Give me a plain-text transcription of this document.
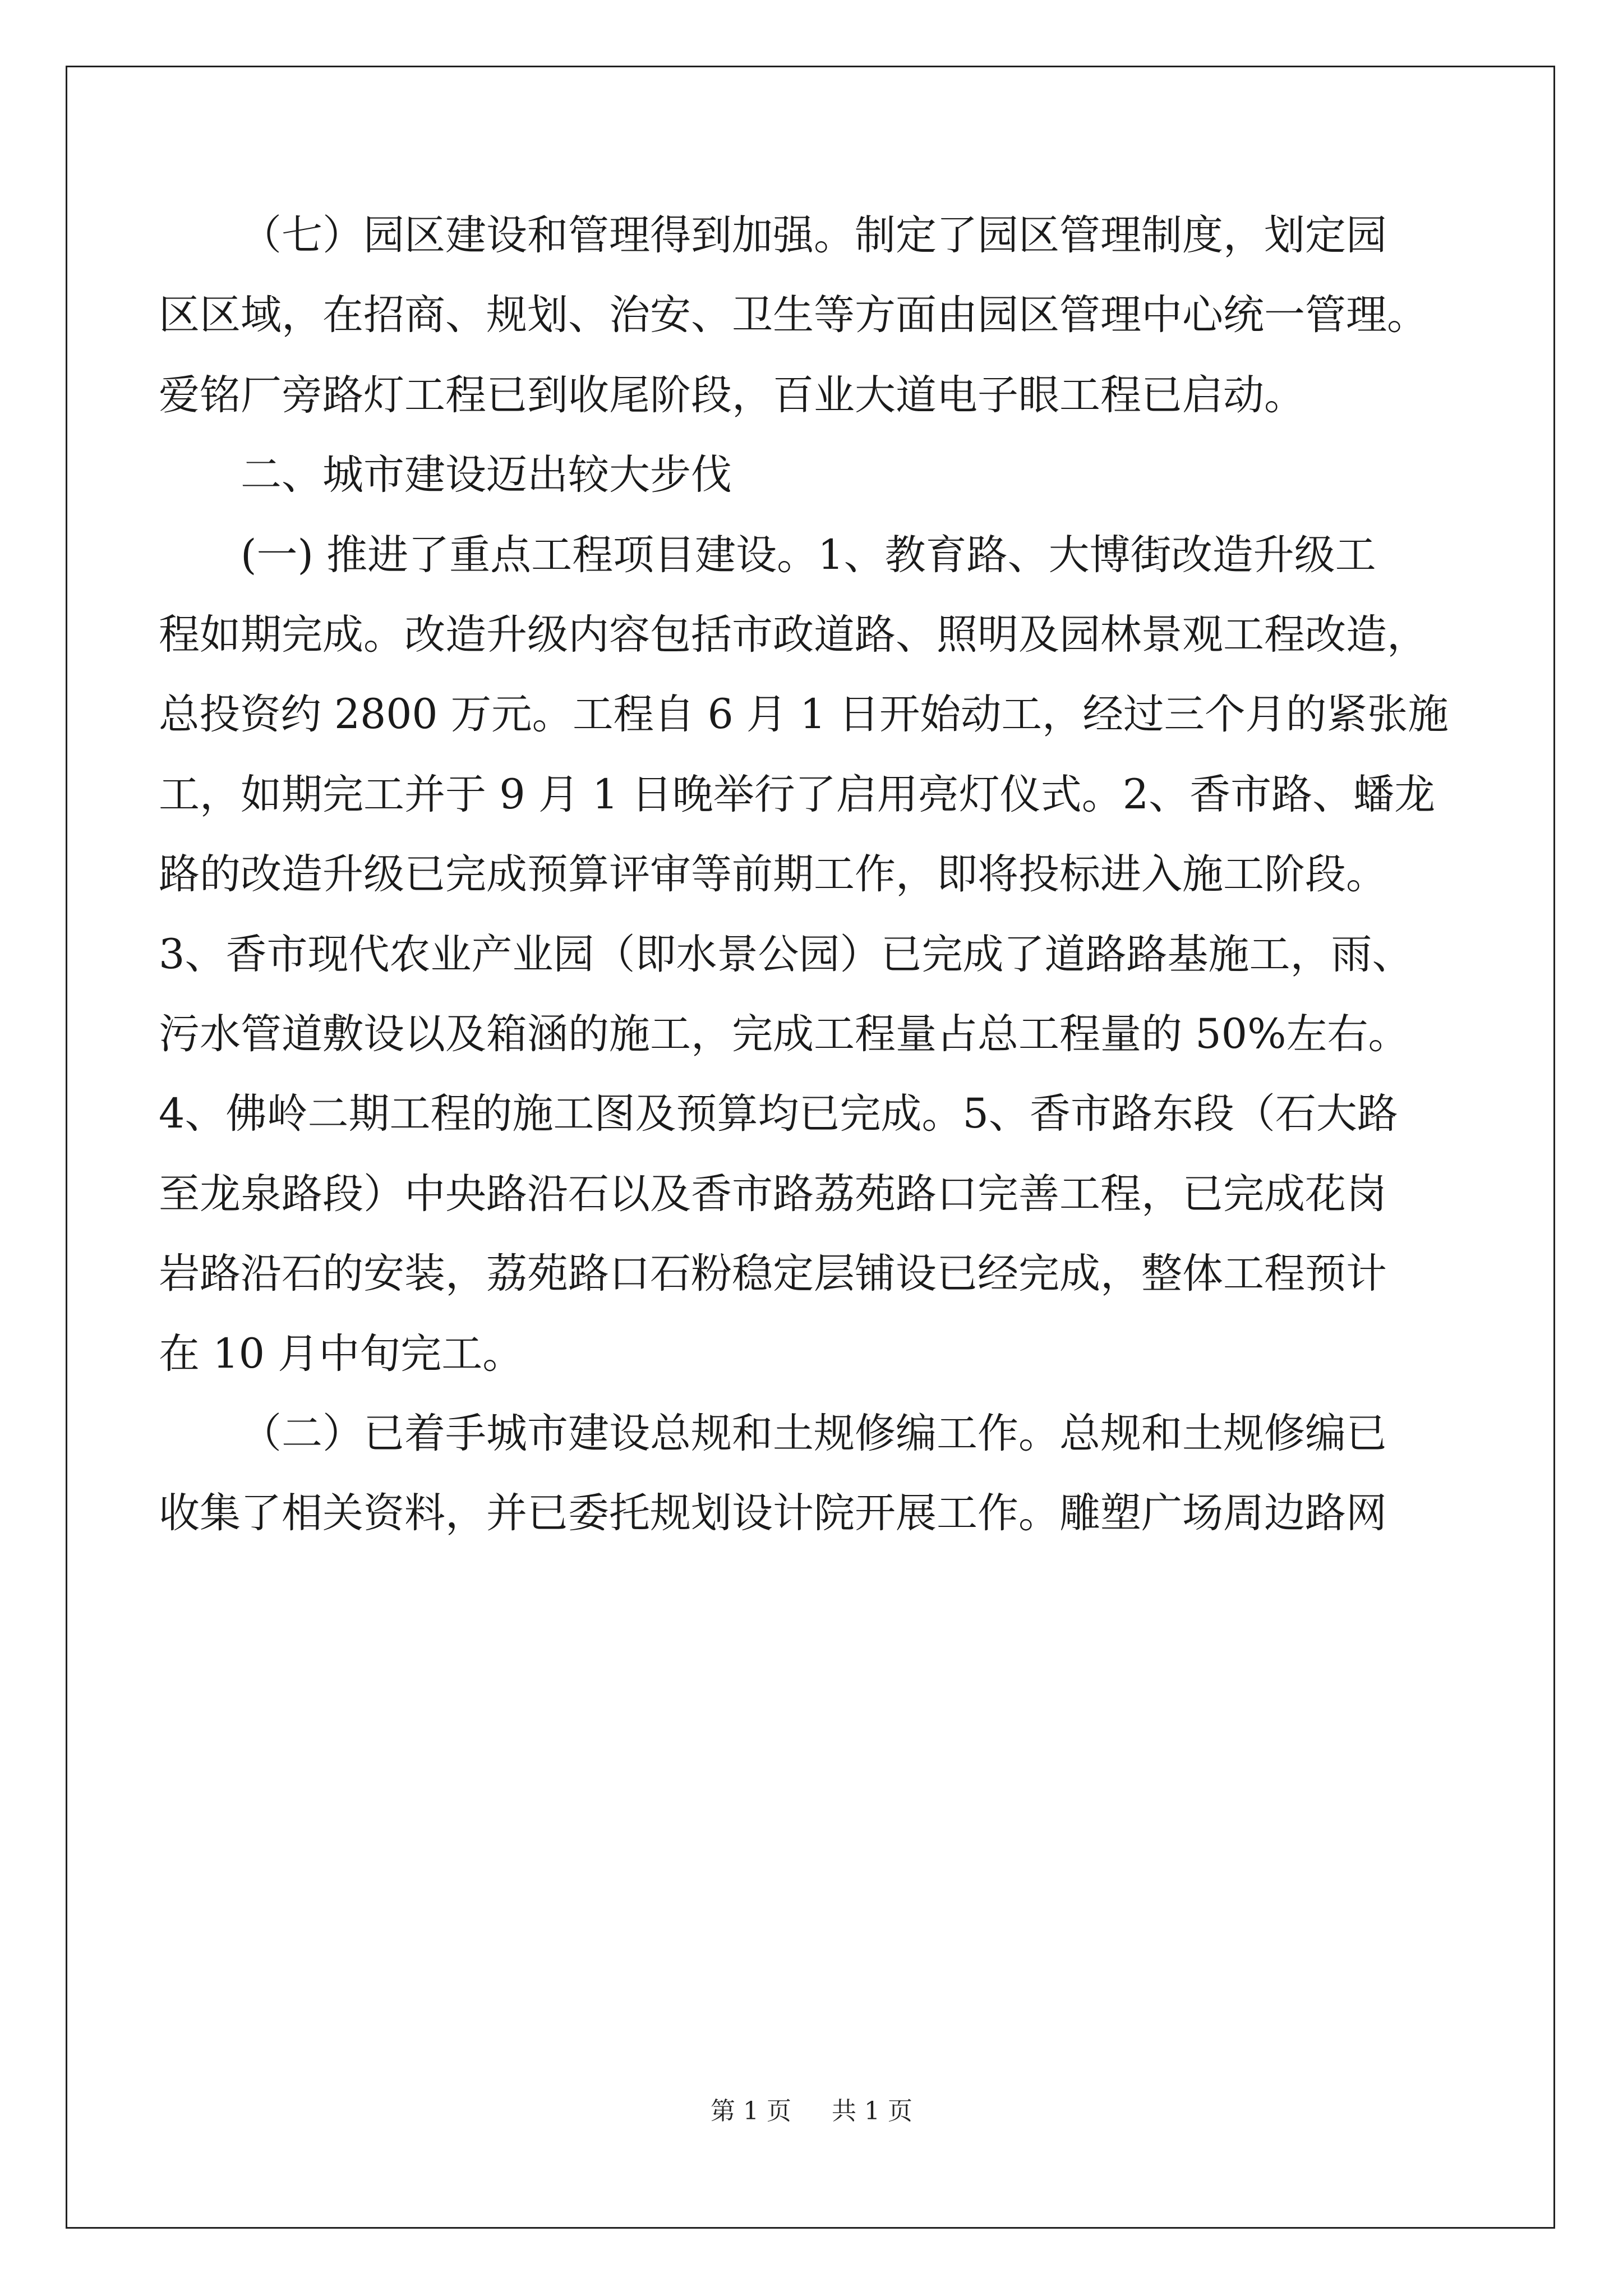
（七）园区建设和管理得到加强。制定了园区管理制度，划定园
区区域，在招商、规划、治安、卫生等方面由园区管理中心统一管理。
爱铭厂旁路灯工程已到收尾阶段，百业大道电子眼工程已启动。
二、城市建设迈出较大步伐
(一) 推进了重点工程项目建设。1、教育路、大博街改造升级工
程如期完成。改造升级内容包括市政道路、照明及园林景观工程改造，
总投资约 2800 万元。工程自 6 月 1 日开始动工，经过三个月的紧张施
工，如期完工并于 9 月 1 日晚举行了启用亮灯仪式。2、香市路、蟠龙
路的改造升级已完成预算评审等前期工作，即将投标进入施工阶段。
3、香市现代农业产业园（即水景公园）已完成了道路路基施工，雨、
污水管道敷设以及箱涵的施工，完成工程量占总工程量的 50%左右。
4、佛岭二期工程的施工图及预算均已完成。5、香市路东段（石大路
至龙泉路段）中央路沿石以及香市路荔苑路口完善工程，已完成花岗
岩路沿石的安装，荔苑路口石粉稳定层铺设已经完成，整体工程预计
在 10 月中旬完工。
（二）已着手城市建设总规和土规修编工作。总规和土规修编已
收集了相关资料，并已委托规划设计院开展工作。雕塑广场周边路网
第 1 页 共 1 页
